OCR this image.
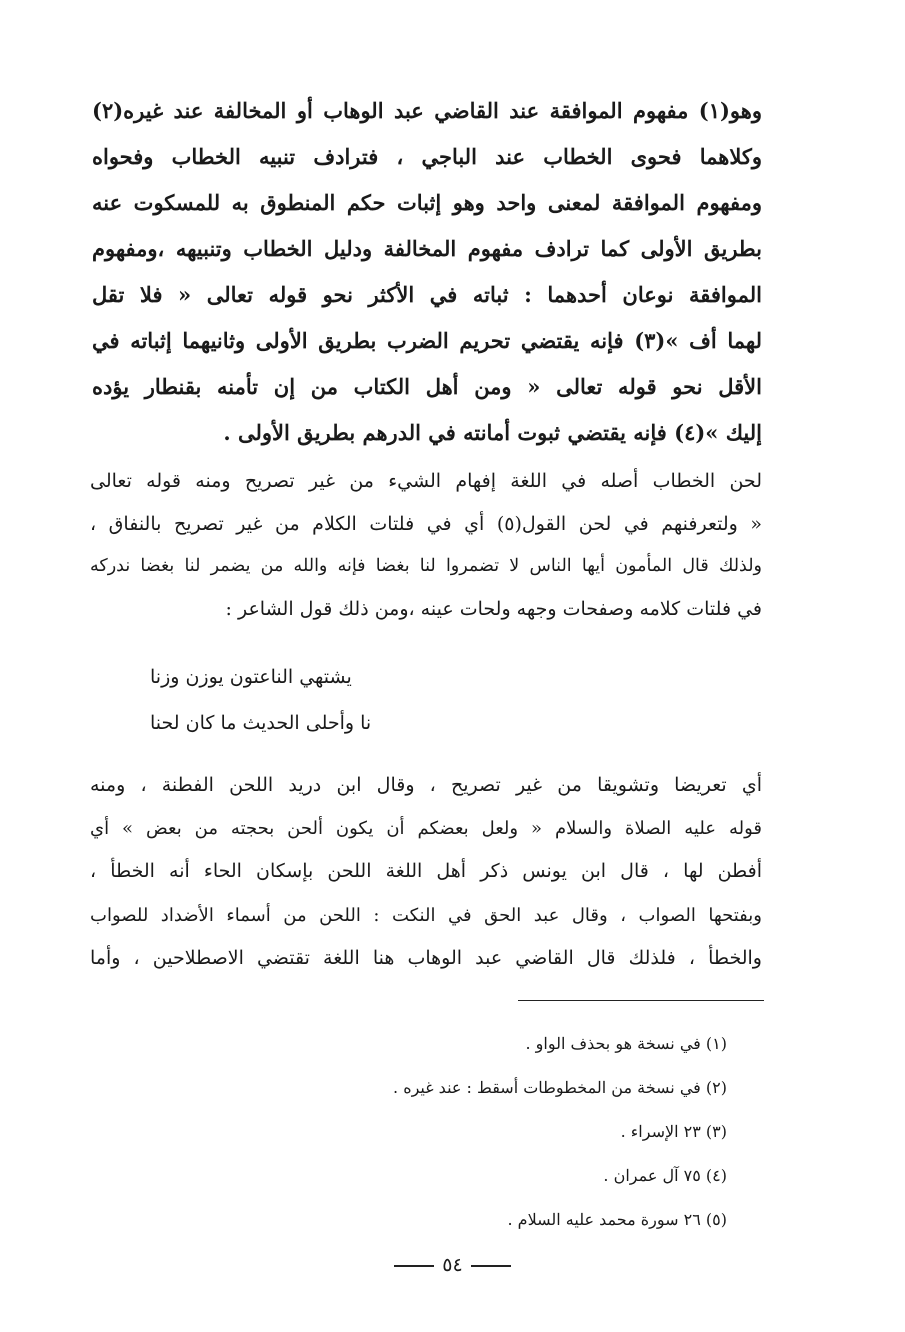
وهو(١) مفهوم الموافقة عند القاضي عبد الوهاب أو المخالفة عند غيره(٢)
وكلاهما فحوى الخطاب عند الباجي ، فترادف تنبيه الخطاب وفحواه
ومفهوم الموافقة لمعنى واحد وهو إثبات حكم المنطوق به للمسكوت عنه
بطريق الأولى كما ترادف مفهوم المخالفة ودليل الخطاب وتنبيهه ،ومفهوم
الموافقة نوعان أحدهما : ثباته في الأكثر نحو قوله تعالى « فلا تقل
لهما أف »(٣) فإنه يقتضي تحريم الضرب بطريق الأولى وثانيهما إثباته في
الأقل نحو قوله تعالى « ومن أهل الكتاب من إن تأمنه بقنطار يؤده
إليك »(٤) فإنه يقتضي ثبوت أمانته في الدرهم بطريق الأولى .
لحن الخطاب أصله في اللغة إفهام الشيء من غير تصريح ومنه قوله تعالى
« ولتعرفنهم في لحن القول(٥) أي في فلتات الكلام من غير تصريح بالنفاق ،
ولذلك قال المأمون أيها الناس لا تضمروا لنا بغضا فإنه والله من يضمر لنا بغضا ندركه
في فلتات كلامه وصفحات وجهه ولحات عينه ،ومن ذلك قول الشاعر :
يشتهي الناعتون يوزن وزنا
نا وأحلى الحديث ما كان لحنا
أي تعريضا وتشويقا من غير تصريح ، وقال ابن دريد اللحن الفطنة ، ومنه
قوله عليه الصلاة والسلام « ولعل بعضكم أن يكون ألحن بحجته من بعض » أي
أفطن لها ، قال ابن يونس ذكر أهل اللغة اللحن بإسكان الحاء أنه الخطأ ،
وبفتحها الصواب ، وقال عبد الحق في النكت : اللحن من أسماء الأضداد للصواب
والخطأ ، فلذلك قال القاضي عبد الوهاب هنا اللغة تقتضي الاصطلاحين ، وأما
(١) في نسخة هو بحذف الواو .
(٢) في نسخة من المخطوطات أسقط : عند غيره .
(٣) ٢٣ الإسراء .
(٤) ٧٥ آل عمران .
(٥) ٢٦ سورة محمد عليه السلام .
٥٤
